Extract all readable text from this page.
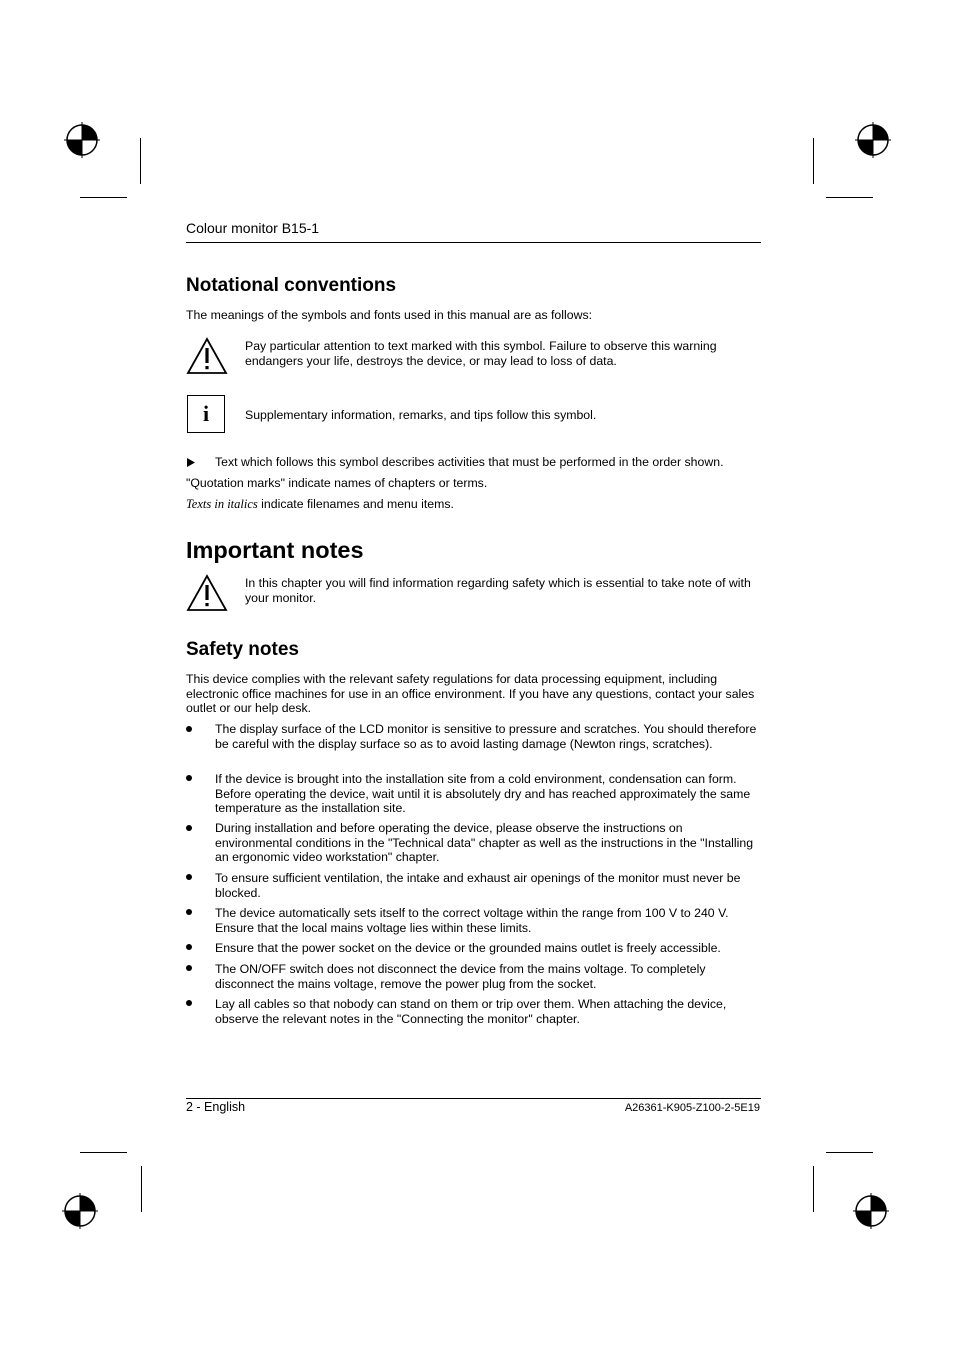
Colour monitor B15-1
Notational conventions
The meanings of the symbols and fonts used in this manual are as follows:
Pay particular attention to text marked with this symbol. Failure to observe this warning endangers your life, destroys the device, or may lead to loss of data.
i	Supplementary information, remarks, and tips follow this symbol.
Text which follows this symbol describes activities that must be performed in the order shown.
"Quotation marks" indicate names of chapters or terms.
Texts in italics indicate filenames and menu items.
Important notes
In this chapter you will find information regarding safety which is essential to take note of with your monitor.
Safety notes
This device complies with the relevant safety regulations for data processing equipment, including electronic office machines for use in an office environment. If you have any questions, contact your sales outlet or our help desk.
The display surface of the LCD monitor is sensitive to pressure and scratches. You should therefore be careful with the display surface so as to avoid lasting damage (Newton rings, scratches).
If the device is brought into the installation site from a cold environment, condensation can form. Before operating the device, wait until it is absolutely dry and has reached approximately the same temperature as the installation site.
During installation and before operating the device, please observe the instructions on environmental conditions in the "Technical data" chapter as well as the instructions in the "Installing an ergonomic video workstation" chapter.
To ensure sufficient ventilation, the intake and exhaust air openings of the monitor must never be blocked.
The device automatically sets itself to the correct voltage within the range from 100 V to 240 V. Ensure that the local mains voltage lies within these limits.
Ensure that the power socket on the device or the grounded mains outlet is freely accessible.
The ON/OFF switch does not disconnect the device from the mains voltage. To completely disconnect the mains voltage, remove the power plug from the socket.
Lay all cables so that nobody can stand on them or trip over them. When attaching the device, observe the relevant notes in the "Connecting the monitor" chapter.
2 - English	A26361-K905-Z100-2-5E19
